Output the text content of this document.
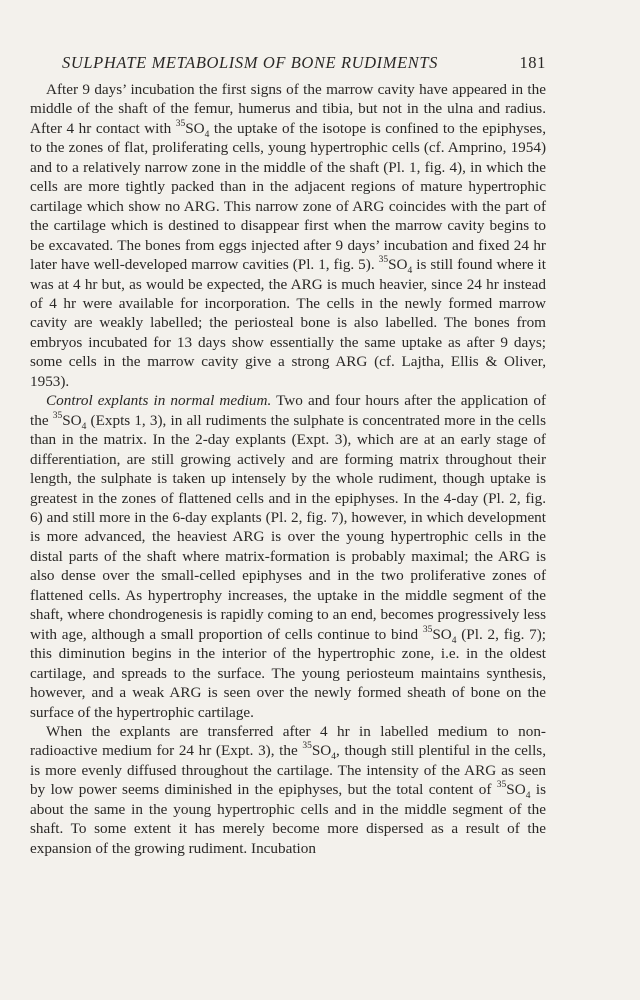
SULPHATE METABOLISM OF BONE RUDIMENTS	181

After 9 days’ incubation the first signs of the marrow cavity have appeared in the middle of the shaft of the femur, humerus and tibia, but not in the ulna and radius. After 4 hr contact with $^{35}SO_4$ the uptake of the isotope is confined to the epiphyses, to the zones of flat, proliferating cells, young hypertrophic cells (cf. Amprino, 1954) and to a relatively narrow zone in the middle of the shaft (Pl. 1, fig. 4), in which the cells are more tightly packed than in the adjacent regions of mature hypertrophic cartilage which show no ARG. This narrow zone of ARG coincides with the part of the cartilage which is destined to disappear first when the marrow cavity begins to be excavated. The bones from eggs injected after 9 days’ incubation and fixed 24 hr later have well-developed marrow cavities (Pl. 1, fig. 5). $^{35}SO_4$ is still found where it was at 4 hr but, as would be expected, the ARG is much heavier, since 24 hr instead of 4 hr were available for incorporation. The cells in the newly formed marrow cavity are weakly labelled; the periosteal bone is also labelled. The bones from embryos incubated for 13 days show essentially the same uptake as after 9 days; some cells in the marrow cavity give a strong ARG (cf. Lajtha, Ellis & Oliver, 1953).

Control explants in normal medium. Two and four hours after the application of the $^{35}SO_4$ (Expts 1, 3), in all rudiments the sulphate is concentrated more in the cells than in the matrix. In the 2-day explants (Expt. 3), which are at an early stage of differentiation, are still growing actively and are forming matrix throughout their length, the sulphate is taken up intensely by the whole rudiment, though uptake is greatest in the zones of flattened cells and in the epiphyses. In the 4-day (Pl. 2, fig. 6) and still more in the 6-day explants (Pl. 2, fig. 7), however, in which development is more advanced, the heaviest ARG is over the young hypertrophic cells in the distal parts of the shaft where matrix-formation is probably maximal; the ARG is also dense over the small-celled epiphyses and in the two proliferative zones of flattened cells. As hypertrophy increases, the uptake in the middle segment of the shaft, where chondrogenesis is rapidly coming to an end, becomes progressively less with age, although a small proportion of cells continue to bind $^{35}SO_4$ (Pl. 2, fig. 7); this diminution begins in the interior of the hypertrophic zone, i.e. in the oldest cartilage, and spreads to the surface. The young periosteum maintains synthesis, however, and a weak ARG is seen over the newly formed sheath of bone on the surface of the hypertrophic cartilage.

When the explants are transferred after 4 hr in labelled medium to non-radioactive medium for 24 hr (Expt. 3), the $^{35}SO_4$, though still plentiful in the cells, is more evenly diffused throughout the cartilage. The intensity of the ARG as seen by low power seems diminished in the epiphyses, but the total content of $^{35}SO_4$ is about the same in the young hypertrophic cells and in the middle segment of the shaft. To some extent it has merely become more dispersed as a result of the expansion of the growing rudiment. Incubation
